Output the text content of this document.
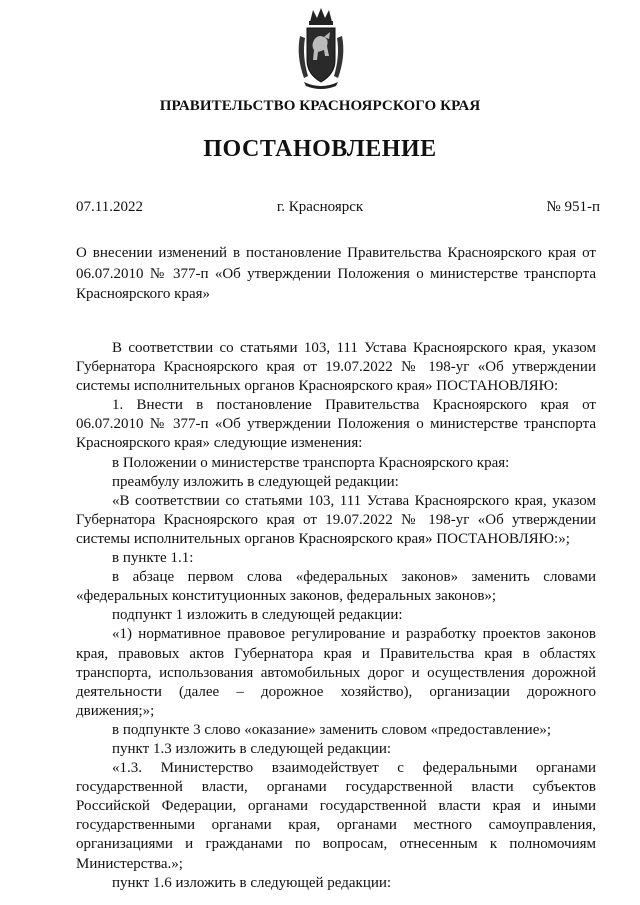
ПРАВИТЕЛЬСТВО КРАСНОЯРСКОГО КРАЯ
ПОСТАНОВЛЕНИЕ
07.11.2022	г. Красноярск	№ 951-п
О внесении изменений в постановление Правительства Красноярского края от 06.07.2010 № 377-п «Об утверждении Положения о министерстве транспорта Красноярского края»

В соответствии со статьями 103, 111 Устава Красноярского края, указом Губернатора Красноярского края от 19.07.2022 № 198-уг «Об утверждении системы исполнительных органов Красноярского края» ПОСТАНОВЛЯЮ:

1. Внести в постановление Правительства Красноярского края от 06.07.2010 № 377-п «Об утверждении Положения о министерстве транспорта Красноярского края» следующие изменения:

в Положении о министерстве транспорта Красноярского края:

преамбулу изложить в следующей редакции:

«В соответствии со статьями 103, 111 Устава Красноярского края, указом Губернатора Красноярского края от 19.07.2022 № 198-уг «Об утверждении системы исполнительных органов Красноярского края» ПОСТАНОВЛЯЮ:»;

в пункте 1.1:

в абзаце первом слова «федеральных законов» заменить словами «федеральных конституционных законов, федеральных законов»;

подпункт 1 изложить в следующей редакции:

«1) нормативное правовое регулирование и разработку проектов законов края, правовых актов Губернатора края и Правительства края в областях транспорта, использования автомобильных дорог и осуществления дорожной деятельности (далее – дорожное хозяйство), организации дорожного движения;»;

в подпункте 3 слово «оказание» заменить словом «предоставление»;

пункт 1.3 изложить в следующей редакции:

«1.3. Министерство взаимодействует с федеральными органами государственной власти, органами государственной власти субъектов Российской Федерации, органами государственной власти края и иными государственными органами края, органами местного самоуправления, организациями и гражданами по вопросам, отнесенным к полномочиям Министерства.»;

пункт 1.6 изложить в следующей редакции:
